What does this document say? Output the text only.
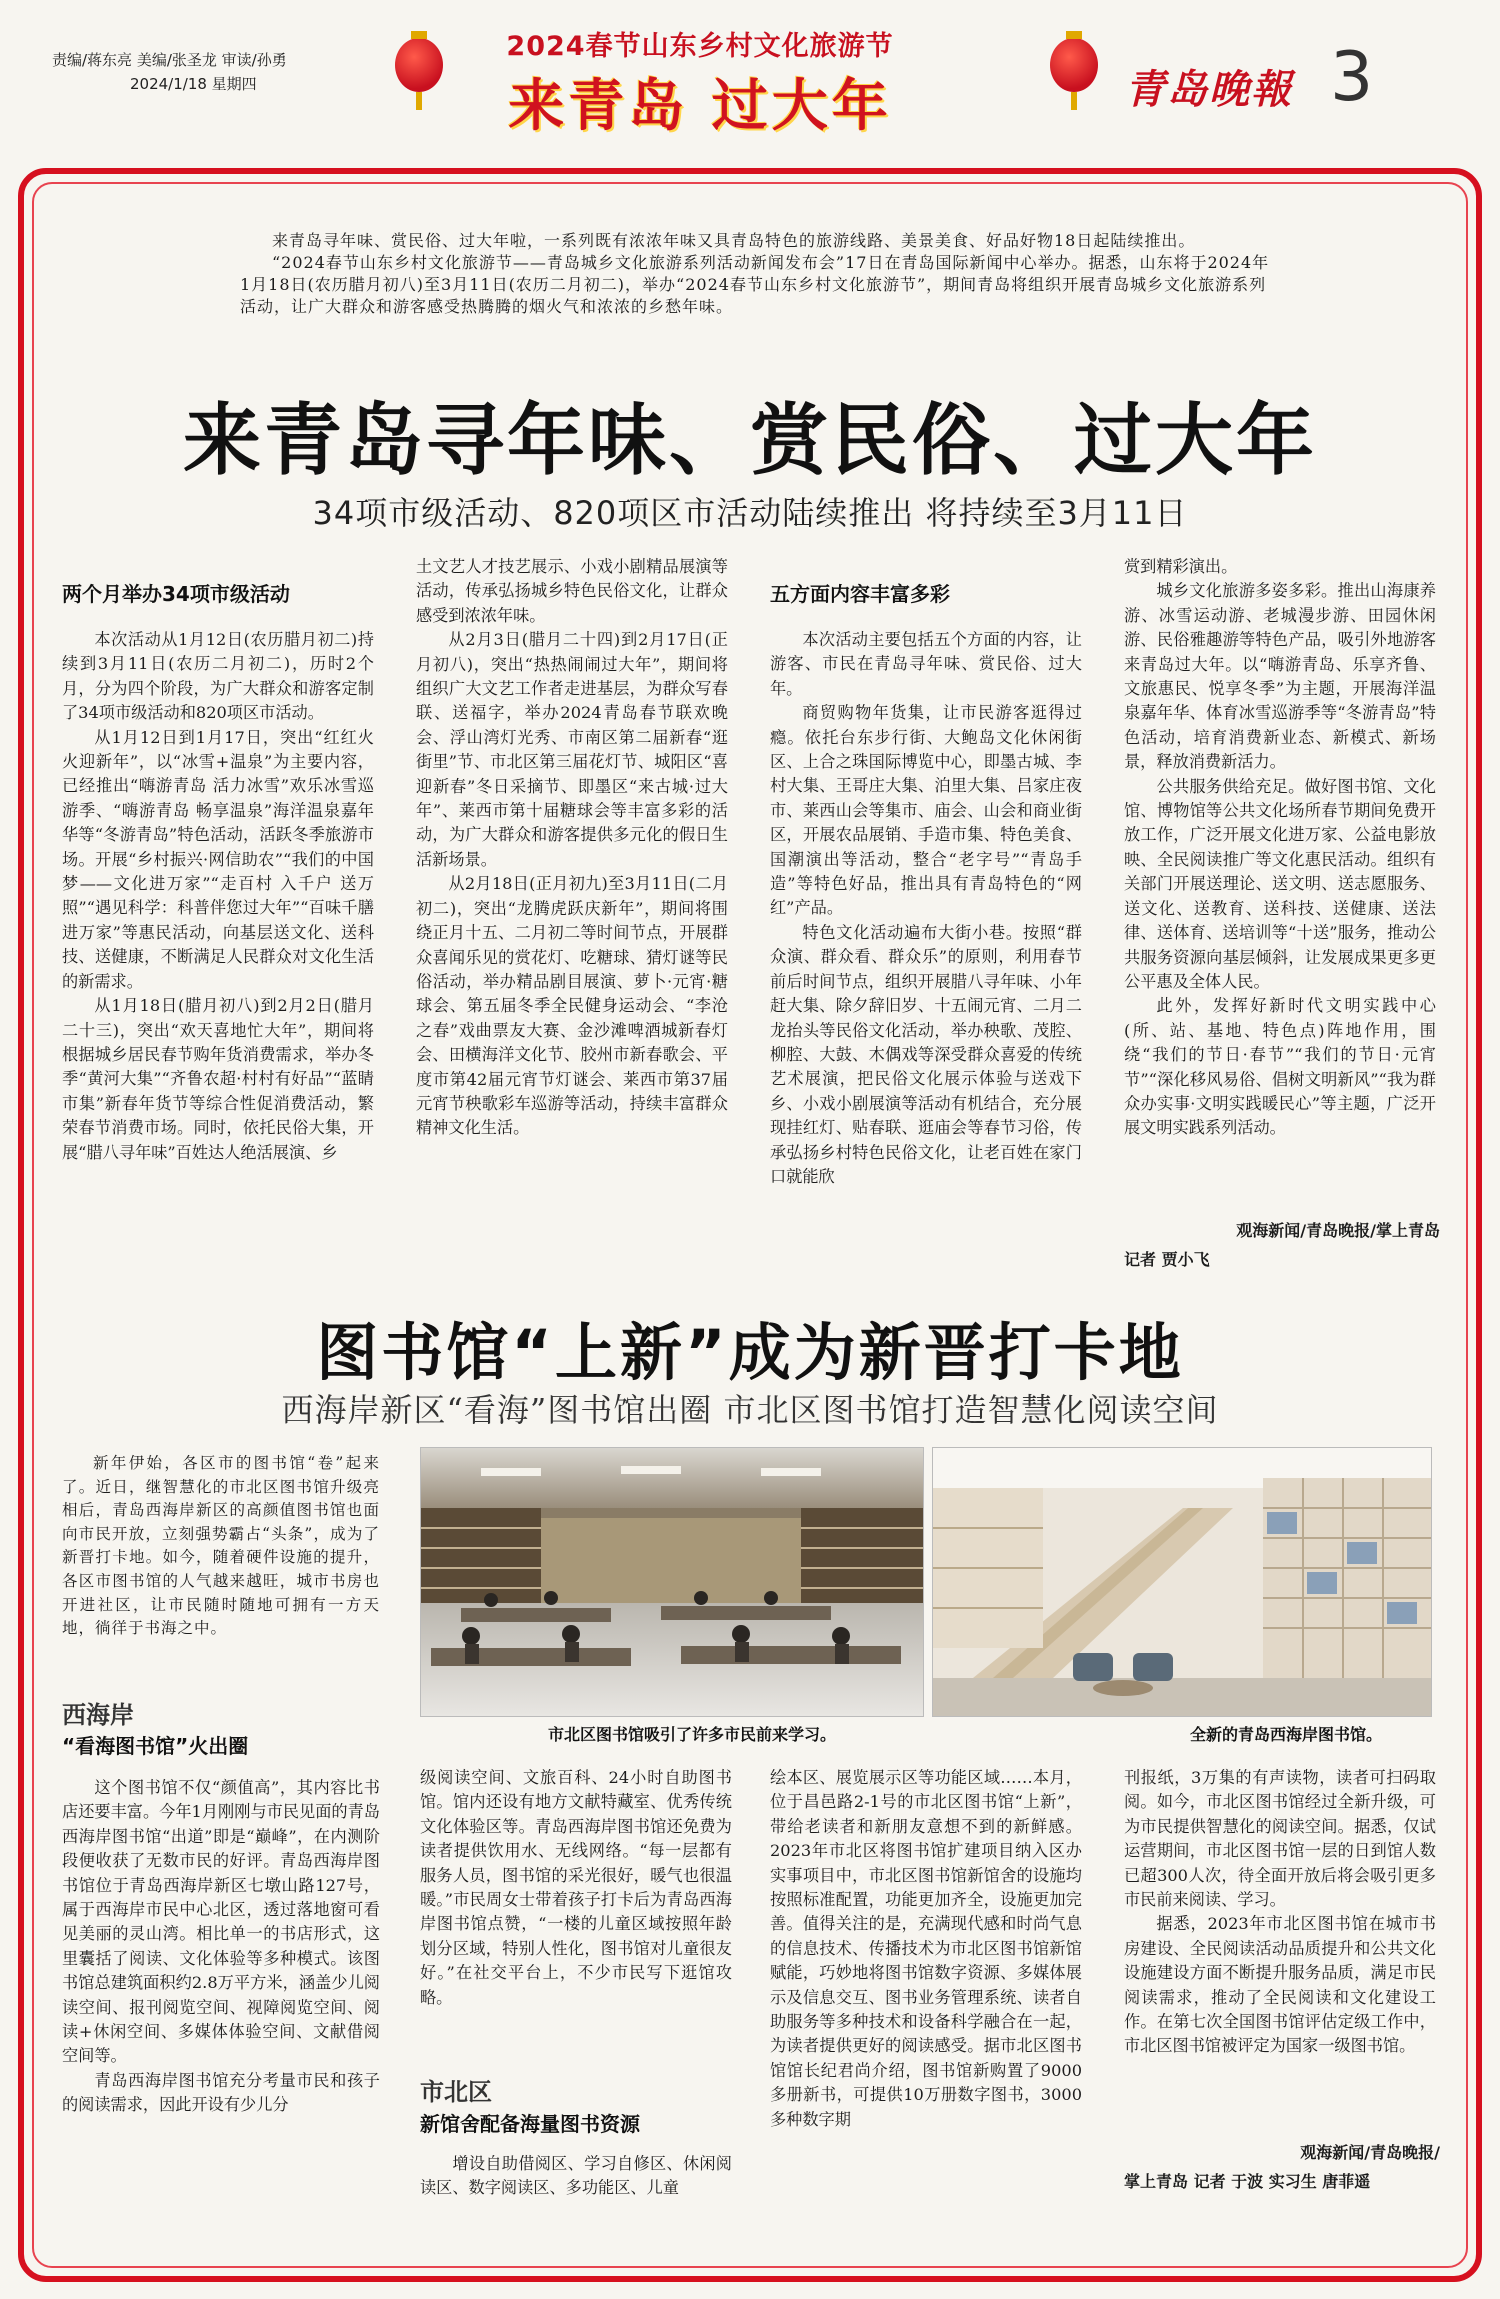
责编/蒋东亮 美编/张圣龙 审读/孙勇
2024/1/18 星期四
2024春节山东乡村文化旅游节
来青岛 过大年	青岛晚報 3

来青岛寻年味、赏民俗、过大年啦，一系列既有浓浓年味又具青岛特色的旅游线路、美景美食、好品好物18日起陆续推出。

“2024春节山东乡村文化旅游节——青岛城乡文化旅游系列活动新闻发布会”17日在青岛国际新闻中心举办。据悉，山东将于2024年1月18日(农历腊月初八)至3月11日(农历二月初二)，举办“2024春节山东乡村文化旅游节”，期间青岛将组织开展青岛城乡文化旅游系列活动，让广大群众和游客感受热腾腾的烟火气和浓浓的乡愁年味。

来青岛寻年味、赏民俗、过大年
34项市级活动、820项区市活动陆续推出 将持续至3月11日
两个月举办34项市级活动

本次活动从1月12日(农历腊月初二)持续到3月11日(农历二月初二)，历时2个月，分为四个阶段，为广大群众和游客定制了34项市级活动和820项区市活动。

从1月12日到1月17日，突出“红红火火迎新年”，以“冰雪+温泉”为主要内容，已经推出“嗨游青岛 活力冰雪”欢乐冰雪巡游季、“嗨游青岛 畅享温泉”海洋温泉嘉年华等“冬游青岛”特色活动，活跃冬季旅游市场。开展“乡村振兴·网信助农”“我们的中国梦——文化进万家”“走百村 入千户 送万照”“遇见科学：科普伴您过大年”“百味千膳进万家”等惠民活动，向基层送文化、送科技、送健康，不断满足人民群众对文化生活的新需求。

从1月18日(腊月初八)到2月2日(腊月二十三)，突出“欢天喜地忙大年”，期间将根据城乡居民春节购年货消费需求，举办冬季“黄河大集”“齐鲁农超·村村有好品”“蓝睛市集”新春年货节等综合性促消费活动，繁荣春节消费市场。同时，依托民俗大集，开展“腊八寻年味”百姓达人绝活展演、乡

土文艺人才技艺展示、小戏小剧精品展演等活动，传承弘扬城乡特色民俗文化，让群众感受到浓浓年味。

从2月3日(腊月二十四)到2月17日(正月初八)，突出“热热闹闹过大年”，期间将组织广大文艺工作者走进基层，为群众写春联、送福字，举办2024青岛春节联欢晚会、浮山湾灯光秀、市南区第二届新春“逛街里”节、市北区第三届花灯节、城阳区“喜迎新春”冬日采摘节、即墨区“来古城·过大年”、莱西市第十届糖球会等丰富多彩的活动，为广大群众和游客提供多元化的假日生活新场景。

从2月18日(正月初九)至3月11日(二月初二)，突出“龙腾虎跃庆新年”，期间将围绕正月十五、二月初二等时间节点，开展群众喜闻乐见的赏花灯、吃糖球、猜灯谜等民俗活动，举办精品剧目展演、萝卜·元宵·糖球会、第五届冬季全民健身运动会、“李沧之春”戏曲票友大赛、金沙滩啤酒城新春灯会、田横海洋文化节、胶州市新春歌会、平度市第42届元宵节灯谜会、莱西市第37届元宵节秧歌彩车巡游等活动，持续丰富群众精神文化生活。

五方面内容丰富多彩

本次活动主要包括五个方面的内容，让游客、市民在青岛寻年味、赏民俗、过大年。

商贸购物年货集，让市民游客逛得过瘾。依托台东步行街、大鲍岛文化休闲街区、上合之珠国际博览中心，即墨古城、李村大集、王哥庄大集、泊里大集、吕家庄夜市、莱西山会等集市、庙会、山会和商业街区，开展农品展销、手造市集、特色美食、国潮演出等活动，整合“老字号”“青岛手造”等特色好品，推出具有青岛特色的“网红”产品。

特色文化活动遍布大街小巷。按照“群众演、群众看、群众乐”的原则，利用春节前后时间节点，组织开展腊八寻年味、小年赶大集、除夕辞旧岁、十五闹元宵、二月二龙抬头等民俗文化活动，举办秧歌、茂腔、柳腔、大鼓、木偶戏等深受群众喜爱的传统艺术展演，把民俗文化展示体验与送戏下乡、小戏小剧展演等活动有机结合，充分展现挂红灯、贴春联、逛庙会等春节习俗，传承弘扬乡村特色民俗文化，让老百姓在家门口就能欣

赏到精彩演出。

城乡文化旅游多姿多彩。推出山海康养游、冰雪运动游、老城漫步游、田园休闲游、民俗雅趣游等特色产品，吸引外地游客来青岛过大年。以“嗨游青岛、乐享齐鲁、文旅惠民、悦享冬季”为主题，开展海洋温泉嘉年华、体育冰雪巡游季等“冬游青岛”特色活动，培育消费新业态、新模式、新场景，释放消费新活力。

公共服务供给充足。做好图书馆、文化馆、博物馆等公共文化场所春节期间免费开放工作，广泛开展文化进万家、公益电影放映、全民阅读推广等文化惠民活动。组织有关部门开展送理论、送文明、送志愿服务、送文化、送教育、送科技、送健康、送法律、送体育、送培训等“十送”服务，推动公共服务资源向基层倾斜，让发展成果更多更公平惠及全体人民。

此外，发挥好新时代文明实践中心(所、站、基地、特色点)阵地作用，围绕“我们的节日·春节”“我们的节日·元宵节”“深化移风易俗、倡树文明新风”“我为群众办实事·文明实践暖民心”等主题，广泛开展文明实践系列活动。

观海新闻/青岛晚报/掌上青岛
记者 贾小飞
图书馆“上新”成为新晋打卡地
西海岸新区“看海”图书馆出圈 市北区图书馆打造智慧化阅读空间

新年伊始，各区市的图书馆“卷”起来了。近日，继智慧化的市北区图书馆升级亮相后，青岛西海岸新区的高颜值图书馆也面向市民开放，立刻强势霸占“头条”，成为了新晋打卡地。如今，随着硬件设施的提升，各区市图书馆的人气越来越旺，城市书房也开进社区，让市民随时随地可拥有一方天地，徜徉于书海之中。

市北区图书馆吸引了许多市民前来学习。	全新的青岛西海岸图书馆。
西海岸
“看海图书馆”火出圈

这个图书馆不仅“颜值高”，其内容比书店还要丰富。今年1月刚刚与市民见面的青岛西海岸图书馆“出道”即是“巅峰”，在内测阶段便收获了无数市民的好评。青岛西海岸图书馆位于青岛西海岸新区七墩山路127号，属于西海岸市民中心北区，透过落地窗可看见美丽的灵山湾。相比单一的书店形式，这里囊括了阅读、文化体验等多种模式。该图书馆总建筑面积约2.8万平方米，涵盖少儿阅读空间、报刊阅览空间、视障阅览空间、阅读+休闲空间、多媒体体验空间、文献借阅空间等。

青岛西海岸图书馆充分考量市民和孩子的阅读需求，因此开设有少儿分

级阅读空间、文旅百科、24小时自助图书馆。馆内还设有地方文献特藏室、优秀传统文化体验区等。青岛西海岸图书馆还免费为读者提供饮用水、无线网络。“每一层都有服务人员，图书馆的采光很好，暖气也很温暖。”市民周女士带着孩子打卡后为青岛西海岸图书馆点赞，“一楼的儿童区域按照年龄划分区域，特别人性化，图书馆对儿童很友好。”在社交平台上，不少市民写下逛馆攻略。

市北区
新馆舍配备海量图书资源

增设自助借阅区、学习自修区、休闲阅读区、数字阅读区、多功能区、儿童

绘本区、展览展示区等功能区域……本月，位于昌邑路2-1号的市北区图书馆“上新”，带给老读者和新朋友意想不到的新鲜感。2023年市北区将图书馆扩建项目纳入区办实事项目中，市北区图书馆新馆舍的设施均按照标准配置，功能更加齐全，设施更加完善。值得关注的是，充满现代感和时尚气息的信息技术、传播技术为市北区图书馆新馆赋能，巧妙地将图书馆数字资源、多媒体展示及信息交互、图书业务管理系统、读者自助服务等多种技术和设备科学融合在一起，为读者提供更好的阅读感受。据市北区图书馆馆长纪君尚介绍，图书馆新购置了9000多册新书，可提供10万册数字图书，3000多种数字期

刊报纸，3万集的有声读物，读者可扫码取阅。如今，市北区图书馆经过全新升级，可为市民提供智慧化的阅读空间。据悉，仅试运营期间，市北区图书馆一层的日到馆人数已超300人次，待全面开放后将会吸引更多市民前来阅读、学习。

据悉，2023年市北区图书馆在城市书房建设、全民阅读活动品质提升和公共文化设施建设方面不断提升服务品质，满足市民阅读需求，推动了全民阅读和文化建设工作。在第七次全国图书馆评估定级工作中，市北区图书馆被评定为国家一级图书馆。

观海新闻/青岛晚报/
掌上青岛 记者 于波 实习生 唐菲遥
